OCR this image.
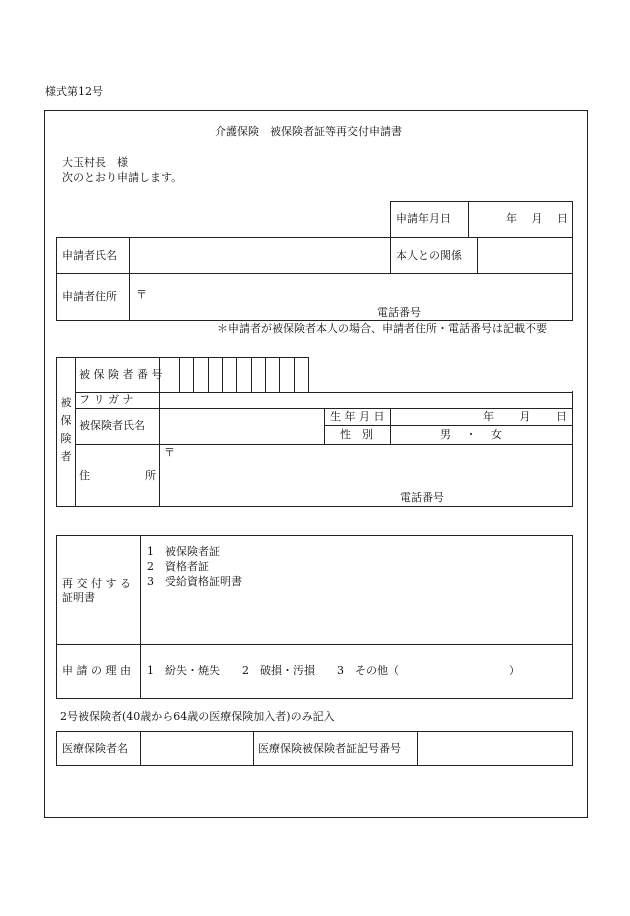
様式第12号
介護保険　被保険者証等再交付申請書
大玉村長　様
次のとおり申請します。
申請年月日	年　 月　 日
申請者氏名	本人との関係
申請者住所 〒
電話番号
＊申請者が被保険者本人の場合、申請者住所・電話番号は記載不要
被
保
険
者
被 保 険 者 番 号
フ リ ガ ナ
被保険者氏名
生 年 月 日	年　 　月　 　日
性　別	男　 ・　 女
住	所
〒
電話番号
再 交 付 す る
証明書
1　被保険者証
2　資格者証
3　受給資格証明書
申 請 の 理 由 1　紛失・焼失　　2　破損・汚損　　3　その他（　　　　　　　　　　）
2号被保険者(40歳から64歳の医療保険加入者)のみ記入
医療保険者名	医療保険被保険者証記号番号
